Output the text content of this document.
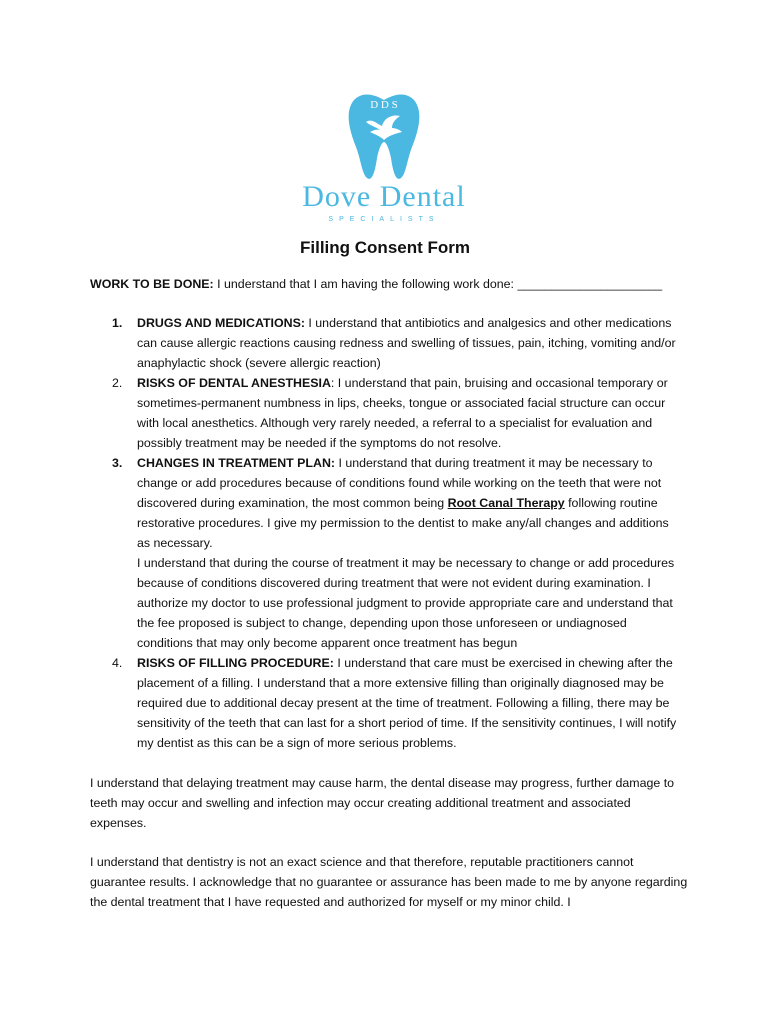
D D S
Dove Dental
SPECIALISTS
Filling Consent Form
WORK TO BE DONE: I understand that I am having the following work done: _____________________
1. DRUGS AND MEDICATIONS: I understand that antibiotics and analgesics and other medications can cause allergic reactions causing redness and swelling of tissues, pain, itching, vomiting and/or anaphylactic shock (severe allergic reaction)
2. RISKS OF DENTAL ANESTHESIA: I understand that pain, bruising and occasional temporary or sometimes-permanent numbness in lips, cheeks, tongue or associated facial structure can occur with local anesthetics. Although very rarely needed, a referral to a specialist for evaluation and possibly treatment may be needed if the symptoms do not resolve.
3. CHANGES IN TREATMENT PLAN: I understand that during treatment it may be necessary to change or add procedures because of conditions found while working on the teeth that were not discovered during examination, the most common being Root Canal Therapy following routine restorative procedures. I give my permission to the dentist to make any/all changes and additions as necessary.
I understand that during the course of treatment it may be necessary to change or add procedures because of conditions discovered during treatment that were not evident during examination. I authorize my doctor to use professional judgment to provide appropriate care and understand that the fee proposed is subject to change, depending upon those unforeseen or undiagnosed conditions that may only become apparent once treatment has begun
4. RISKS OF FILLING PROCEDURE: I understand that care must be exercised in chewing after the placement of a filling. I understand that a more extensive filling than originally diagnosed may be required due to additional decay present at the time of treatment. Following a filling, there may be sensitivity of the teeth that can last for a short period of time. If the sensitivity continues, I will notify my dentist as this can be a sign of more serious problems.
I understand that delaying treatment may cause harm, the dental disease may progress, further damage to teeth may occur and swelling and infection may occur creating additional treatment and associated expenses.
I understand that dentistry is not an exact science and that therefore, reputable practitioners cannot guarantee results. I acknowledge that no guarantee or assurance has been made to me by anyone regarding the dental treatment that I have requested and authorized for myself or my minor child. I
